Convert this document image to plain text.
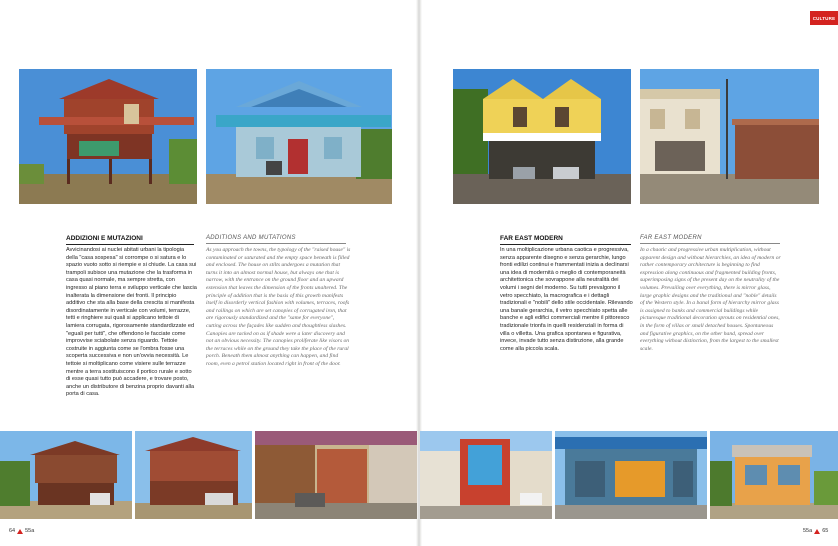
CULTURE
ADDIZIONI E MUTAZIONI

Avvicinandosi ai nuclei abitati urbani la tipologia della "casa sospesa" si corrompe o si satura e lo spazio vuoto sotto si riempie e si chiude. La casa sui trampoli subisce una mutazione che la trasforma in casa quasi normale, ma sempre stretta, con ingresso al piano terra e sviluppo verticale che lascia inalterata la dimensione dei fronti. Il principio additivo che sta alla base della crescita si manifesta disordinatamente in verticale con volumi, terrazze, tetti e ringhiere sui quali si applicano tettoie di lamiera corrugata, rigorosamente standardizzate ed "eguali per tutti", che offendono le facciate come improvvise sciabolate senza riguardo. Tettoie costruite in aggiunta come se l'ombra fosse una scoperta successiva e non un'ovvia necessità. Le tettoie si moltiplicano come visiere sulle terrazze mentre a terra sostituiscono il portico rurale e sotto di esse quasi tutto può accadere, e trovare posto, anche un distributore di benzina proprio davanti alla porta di casa.

ADDITIONS AND MUTATIONS

As you approach the towns, the typology of the "raised house" is contaminated or saturated and the empty space beneath is filled and enclosed. The house on stilts undergoes a mutation that turns it into an almost normal house, but always one that is narrow, with the entrance on the ground floor and an upward extension that leaves the dimension of the fronts unaltered. The principle of addition that is the basis of this growth manifests itself in disorderly vertical fashion with volumes, terraces, roofs and railings on which are set canopies of corrugated iron, that are rigorously standardized and the "same for everyone", cutting across the façades like sudden and thoughtless slashes. Canopies are tacked on as if shade were a later discovery and not an obvious necessity. The canopies proliferate like visors on the terraces while on the ground they take the place of the rural porch. Beneath them almost anything can happen, and find room, even a petrol station located right in front of the door.

FAR EAST MODERN

In una moltiplicazione urbana caotica e progressiva, senza apparente disegno e senza gerarchie, lungo fronti edilizi continui e frammentati inizia a declinarsi una idea di modernità o meglio di contemporaneità architettonica che sovrappone alla neutralità dei volumi i segni del moderno. Su tutti prevalgono il vetro specchiato, la macrografica e i dettagli tradizionali e "nobili" dello stile occidentale. Rilevando una banale gerarchia, il vetro specchiato spetta alle banche e agli edifici commerciali mentre il pittoresco tradizionale trionfa in quelli residenziali in forma di villa o villetta. Una grafica spontanea e figurativa, invece, invade tutto senza distinzione, alla grande come alla piccola scala.

FAR EAST MODERN

In a chaotic and progressive urban multiplication, without apparent design and without hierarchies, an idea of modern or rather contemporary architecture is beginning to find expression along continuous and fragmented building fronts, superimposing signs of the present day on the neutrality of the volumes. Prevailing over everything, there is mirror glass, large graphic designs and the traditional and "noble" details of the Western style. In a banal form of hierarchy mirror glass is assigned to banks and commercial buildings while picturesque traditional decoration sprouts on residential ones, in the form of villas or small detached houses. Spontaneous and figurative graphics, on the other hand, spread over everything without distinction, from the largest to the smallest scale.

64 55a	55a 65
